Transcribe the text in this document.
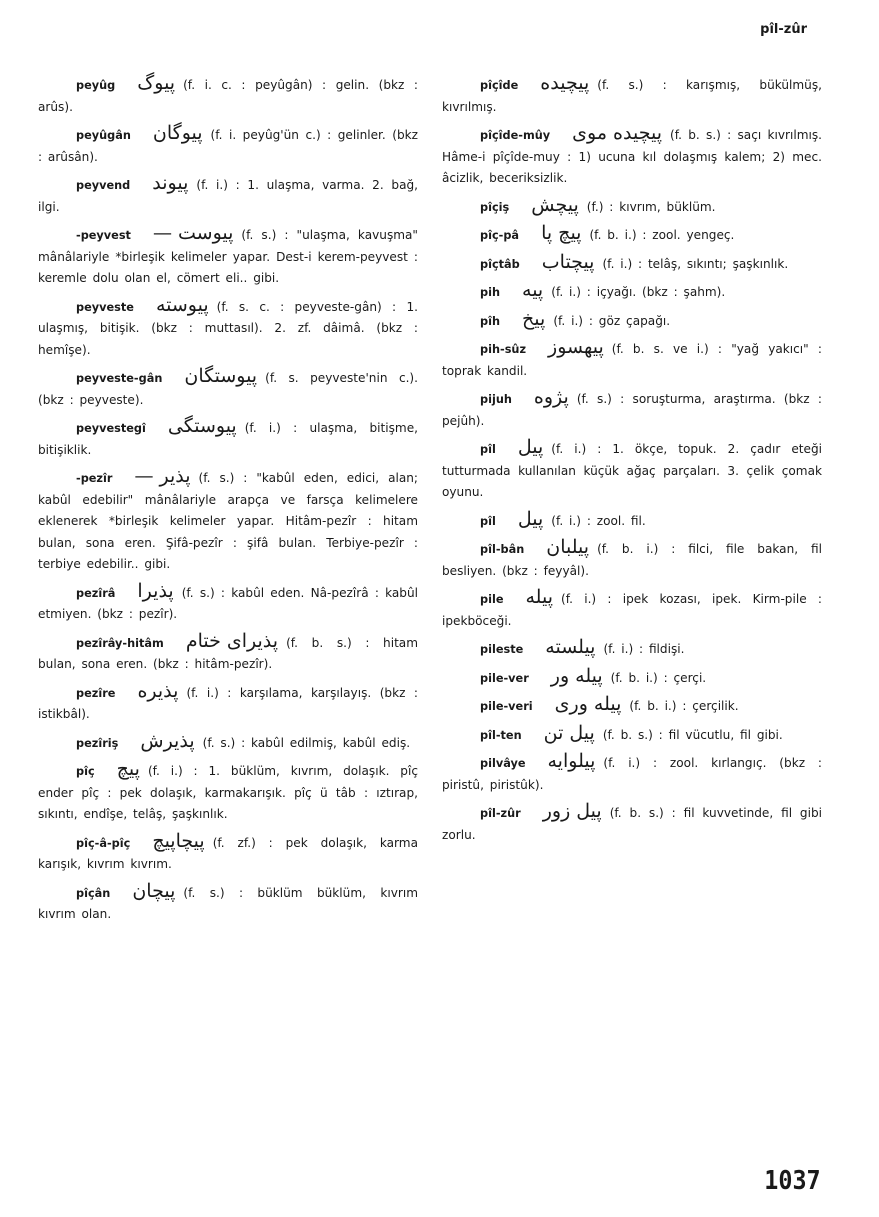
pîl-zûr
peyûg پیوگ (f. i. c. : peyûgân) : gelin. (bkz : arûs).
peyûgân پیوگان (f. i. peyûg'ün c.) : gelinler. (bkz : arûsân).
peyvend پیوند (f. i.) : 1. ulaşma, varma. 2. bağ, ilgi.
-peyvest پیوست — (f. s.) : "ulaşma, kavuşma" mânâlariyle *birleşik kelimeler yapar. Dest-i kerem-peyvest : keremle dolu olan el, cömert eli.. gibi.
peyveste پیوسته (f. s. c. : peyveste-gân) : 1. ulaşmış, bitişik. (bkz : muttasıl). 2. zf. dâimâ. (bkz : hemîşe).
peyveste-gân پیوستگان (f. s. peyveste'nin c.). (bkz : peyveste).
peyvestegî پیوستگی (f. i.) : ulaşma, bitişme, bitişiklik.
-pezîr پذیر — (f. s.) : "kabûl eden, edici, alan; kabûl edebilir" mânâlariyle arapça ve farsça kelimelere eklenerek *birleşik kelimeler yapar. Hitâm-pezîr : hitam bulan, sona eren. Şifâ-pezîr : şifâ bulan. Terbiye-pezîr : terbiye edebilir.. gibi.
pezîrâ پذیرا (f. s.) : kabûl eden. Nâ-pezîrâ : kabûl etmiyen. (bkz : pezîr).
pezîrây-hitâm پذیرای ختام (f. b. s.) : hitam bulan, sona eren. (bkz : hitâm-pezîr).
pezîre پذیره (f. i.) : karşılama, karşılayış. (bkz : istikbâl).
pezîriş پذیرش (f. s.) : kabûl edilmiş, kabûl ediş.
pîç پیچ (f. i.) : 1. büklüm, kıvrım, dolaşık. pîç ender pîç : pek dolaşık, karmakarışık. pîç ü tâb : ıztırap, sıkıntı, endîşe, telâş, şaşkınlık.
pîç-â-pîç پیچاپیچ (f. zf.) : pek dolaşık, karma karışık, kıvrım kıvrım.
pîçân پیچان (f. s.) : büklüm büklüm, kıvrım kıvrım olan.
pîçîde پیچیده (f. s.) : karışmış, bükülmüş, kıvrılmış.
pîçîde-mûy پیچیده موی (f. b. s.) : saçı kıvrılmış. Hâme-i pîçîde-muy : 1) ucuna kıl dolaşmış kalem; 2) mec. âcizlik, beceriksizlik.
pîçiş پیچش (f.) : kıvrım, büklüm.
pîç-pâ پیچ پا (f. b. i.) : zool. yengeç.
pîçtâb پیچتاب (f. i.) : telâş, sıkıntı; şaşkınlık.
pih پیه (f. i.) : içyağı. (bkz : şahm).
pîh پیخ (f. i.) : göz çapağı.
pih-sûz پیهسوز (f. b. s. ve i.) : "yağ yakıcı" : toprak kandil.
pijuh پژوه (f. s.) : soruşturma, araştırma. (bkz : pejûh).
pîl پیل (f. i.) : 1. ökçe, topuk. 2. çadır eteği tutturmada kullanılan küçük ağaç parçaları. 3. çelik çomak oyunu.
pîl پیل (f. i.) : zool. fil.
pîl-bân پیلبان (f. b. i.) : filci, file bakan, fil besliyen. (bkz : feyyâl).
pile پیله (f. i.) : ipek kozası, ipek. Kirm-pile : ipekböceği.
pileste پیلسته (f. i.) : fildişi.
pile-ver پیله ور (f. b. i.) : çerçi.
pile-veri پیله وری (f. b. i.) : çerçilik.
pîl-ten پیل تن (f. b. s.) : fil vücutlu, fil gibi.
pilvâye پیلوایه (f. i.) : zool. kırlangıç. (bkz : piristû, piristûk).
pîl-zûr پیل زور (f. b. s.) : fil kuvvetinde, fil gibi zorlu.
1037
